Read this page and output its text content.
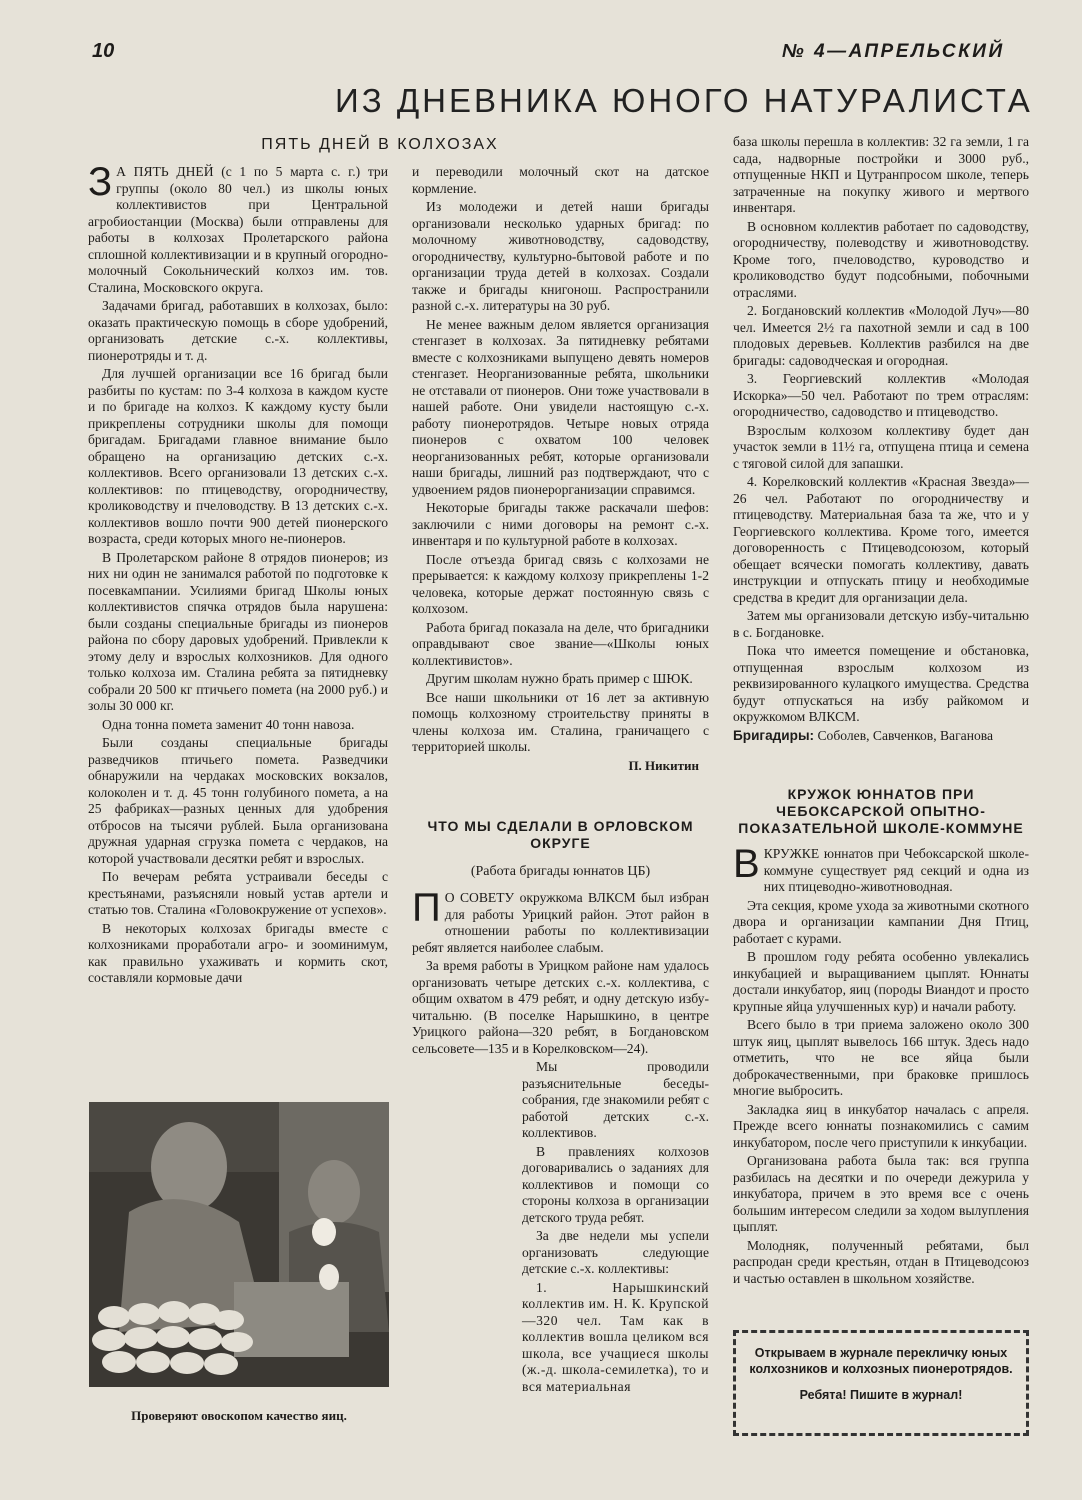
10	№ 4—АПРЕЛЬСКИЙ
ИЗ ДНЕВНИКА ЮНОГО НАТУРАЛИСТА
ПЯТЬ ДНЕЙ В КОЛХОЗАХ

З А ПЯТЬ ДНЕЙ (с 1 по 5 марта с. г.) три группы (около 80 чел.) из школы юных коллективистов при Центральной агробиостанции (Москва) были отправлены для работы в колхозах Пролетарского района сплошной коллективизации и в крупный огородно-молочный Сокольнический колхоз им. тов. Сталина, Московского округа.

Задачами бригад, работавших в колхозах, было: оказать практическую помощь в сборе удобрений, организовать детские с.-х. коллективы, пионеротряды и т. д.

Для лучшей организации все 16 бригад были разбиты по кустам: по 3-4 колхоза в каждом кусте и по бригаде на колхоз. К каждому кусту были прикреплены сотрудники школы для помощи бригадам. Бригадами главное внимание было обращено на организацию детских с.-х. коллективов. Всего организовали 13 детских с.-х. коллективов: по птицеводству, огородничеству, кролиководству и пчеловодству. В 13 детских с.-х. коллективов вошло почти 900 детей пионерского возраста, среди которых много не-пионеров.

В Пролетарском районе 8 отрядов пионеров; из них ни один не занимался работой по подготовке к посевкампании. Усилиями бригад Школы юных коллективистов спячка отрядов была нарушена: были созданы специальные бригады из пионеров района по сбору даровых удобрений. Привлекли к этому делу и взрослых колхозников. Для одного только колхоза им. Сталина ребята за пятидневку собрали 20 500 кг птичьего помета (на 2000 руб.) и золы 30 000 кг.

Одна тонна помета заменит 40 тонн навоза.

Были созданы специальные бригады разведчиков птичьего помета. Разведчики обнаружили на чердаках московских вокзалов, колоколен и т. д. 45 тонн голубиного помета, а на 25 фабриках—разных ценных для удобрения отбросов на тысячи рублей. Была организована дружная ударная сгрузка помета с чердаков, на которой участвовали десятки ребят и взрослых.

По вечерам ребята устраивали беседы с крестьянами, разъясняли новый устав артели и статью тов. Сталина «Головокружение от успехов».

В некоторых колхозах бригады вместе с колхозниками проработали агро- и зооминимум, как правильно ухаживать и кормить скот, составляли кормовые дачи

и переводили молочный скот на датское кормление.

Из молодежи и детей наши бригады организовали несколько ударных бригад: по молочному животноводству, садоводству, огородничеству, культурно-бытовой работе и по организации труда детей в колхозах. Создали также и бригады книгонош. Распространили разной с.-х. литературы на 30 руб.

Не менее важным делом является организация стенгазет в колхозах. За пятидневку ребятами вместе с колхозниками выпущено девять номеров стенгазет. Неорганизованные ребята, школьники не отставали от пионеров. Они тоже участвовали в нашей работе. Они увидели настоящую с.-х. работу пионеротрядов. Четыре новых отряда пионеров с охватом 100 человек неорганизованных ребят, которые организовали наши бригады, лишний раз подтверждают, что с удвоением рядов пионерорганизации справимся.

Некоторые бригады также раскачали шефов: заключили с ними договоры на ремонт с.-х. инвентаря и по культурной работе в колхозах.

После отъезда бригад связь с колхозами не прерывается: к каждому колхозу прикреплены 1-2 человека, которые держат постоянную связь с колхозом.

Работа бригад показала на деле, что бригадники оправдывают свое звание—«Школы юных коллективистов».

Другим школам нужно брать пример с ШЮК.

Все наши школьники от 16 лет за активную помощь колхозному строительству приняты в члены колхоза им. Сталина, граничащего с территорией школы.

П. Никитин

ЧТО МЫ СДЕЛАЛИ В ОРЛОВСКОМ ОКРУГЕ

(Работа бригады юннатов ЦБ)

П О СОВЕТУ окружкома ВЛКСМ был избран для работы Урицкий район. Этот район в отношении работы по коллективизации ребят является наиболее слабым.

За время работы в Урицком районе нам удалось организовать четыре детских с.-х. коллектива, с общим охватом в 479 ребят, и одну детскую избу-читальню. (В поселке Нарышкино, в центре Урицкого района—320 ребят, в Богдановском сельсовете—135 и в Корелковском—24).

Мы проводили разъяснительные беседы-собрания, где знакомили ребят с работой детских с.-х. коллективов.

В правлениях колхозов договаривались о заданиях для коллективов и помощи со стороны колхоза в организации детского труда ребят.

За две недели мы успели организовать следующие детские с.-х. коллективы:

1. Нарышкинский коллектив им. Н. К. Крупской—320 чел. Там как в коллектив вошла целиком вся школа, все учащиеся школы (ж.-д. школа-семилетка), то и вся материальная

база школы перешла в коллектив: 32 га земли, 1 га сада, надворные постройки и 3000 руб., отпущенные НКП и Цутранпросом школе, теперь затраченные на покупку живого и мертвого инвентаря.

В основном коллектив работает по садоводству, огородничеству, полеводству и животноводству. Кроме того, пчеловодство, куроводство и кролиководство будут подсобными, побочными отраслями.

2. Богдановский коллектив «Молодой Луч»—80 чел. Имеется 2½ га пахотной земли и сад в 100 плодовых деревьев. Коллектив разбился на две бригады: садоводческая и огородная.

3. Георгиевский коллектив «Молодая Искорка»—50 чел. Работают по трем отраслям: огородничество, садоводство и птицеводство.

Взрослым колхозом коллективу будет дан участок земли в 11½ га, отпущена птица и семена с тяговой силой для запашки.

4. Корелковский коллектив «Красная Звезда»—26 чел. Работают по огородничеству и птицеводству. Материальная база та же, что и у Георгиевского коллектива. Кроме того, имеется договоренность с Птицеводсоюзом, который обещает всячески помогать коллективу, давать инструкции и отпускать птицу и необходимые средства в кредит для организации дела.

Затем мы организовали детскую избу-читальню в с. Богдановке.

Пока что имеется помещение и обстановка, отпущенная взрослым колхозом из реквизированного кулацкого имущества. Средства будут отпускаться на избу райкомом и окружкомом ВЛКСМ.

Бригадиры: Соболев, Савченков, Ваганова

КРУЖОК ЮННАТОВ ПРИ ЧЕБОКСАРСКОЙ ОПЫТНО-ПОКАЗАТЕЛЬНОЙ ШКОЛЕ-КОММУНЕ

ВКРУЖКЕ юннатов при Чебоксарской школе-коммуне существует ряд секций и одна из них птицеводно-животноводная.

Эта секция, кроме ухода за животными скотного двора и организации кампании Дня Птиц, работает с курами.

В прошлом году ребята особенно увлекались инкубацией и выращиванием цыплят. Юннаты достали инкубатор, яиц (породы Виандот и просто крупные яйца улучшенных кур) и начали работу.

Всего было в три приема заложено около 300 штук яиц, цыплят вывелось 166 штук. Здесь надо отметить, что не все яйца были доброкачественными, при браковке пришлось многие выбросить.

Закладка яиц в инкубатор началась с апреля. Прежде всего юннаты познакомились с самим инкубатором, после чего приступили к инкубации.

Организована работа была так: вся группа разбилась на десятки и по очереди дежурила у инкубатора, причем в это время все с очень большим интересом следили за ходом вылупления цыплят.

Молодняк, полученный ребятами, был распродан среди крестьян, отдан в Птицеводсоюз и частью оставлен в школьном хозяйстве.

Проверяют овоскопом качество яиц.
Открываем в журнале перекличку юных колхозников и колхозных пионеротрядов.
Ребята! Пишите в журнал!
